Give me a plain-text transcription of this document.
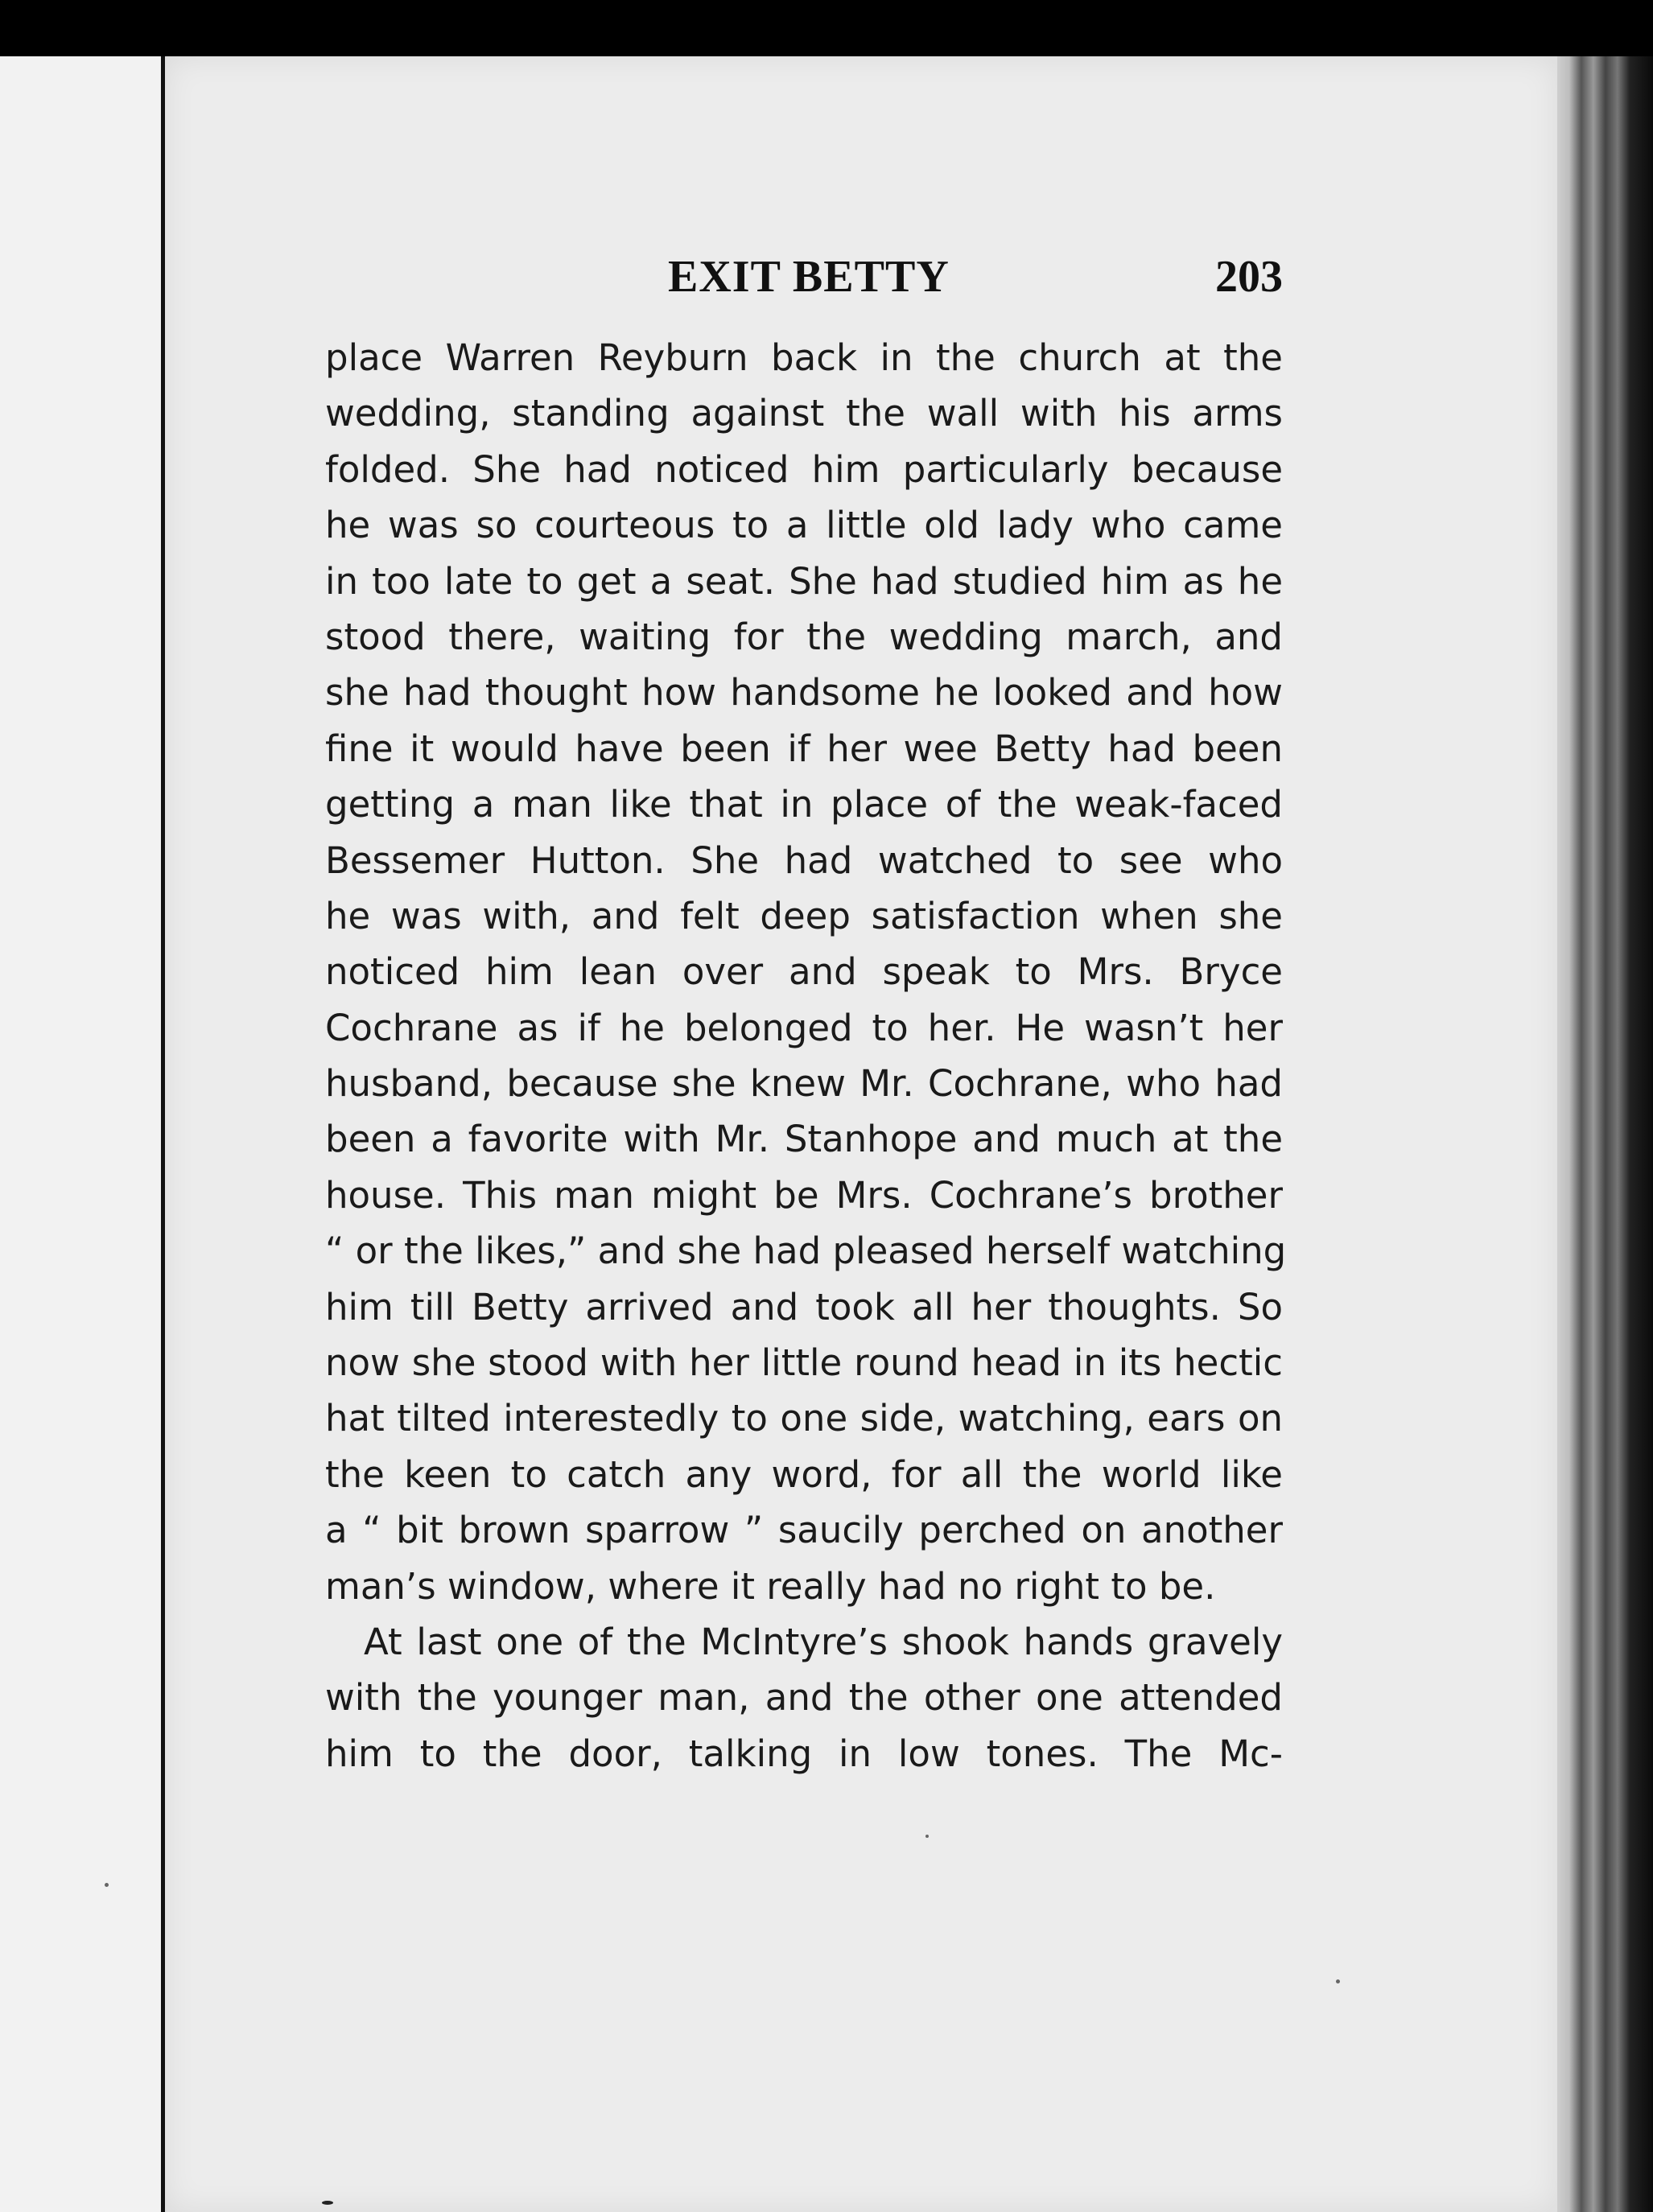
EXIT BETTY	203
place Warren Reyburn back in the church at the
wedding, standing against the wall with his arms
folded. She had noticed him particularly because
he was so courteous to a little old lady who came
in too late to get a seat. She had studied him as he
stood there, waiting for the wedding march, and
she had thought how handsome he looked and how
fine it would have been if her wee Betty had been
getting a man like that in place of the weak-faced
Bessemer Hutton. She had watched to see who
he was with, and felt deep satisfaction when she
noticed him lean over and speak to Mrs. Bryce
Cochrane as if he belonged to her. He wasn’t her
husband, because she knew Mr. Cochrane, who had
been a favorite with Mr. Stanhope and much at the
house. This man might be Mrs. Cochrane’s brother
“ or the likes,” and she had pleased herself watching
him till Betty arrived and took all her thoughts. So
now she stood with her little round head in its hectic
hat tilted interestedly to one side, watching, ears on
the keen to catch any word, for all the world like
a “ bit brown sparrow ” saucily perched on another
man’s window, where it really had no right to be.
At last one of the McIntyre’s shook hands gravely
with the younger man, and the other one attended
him to the door, talking in low tones. The Mc-
